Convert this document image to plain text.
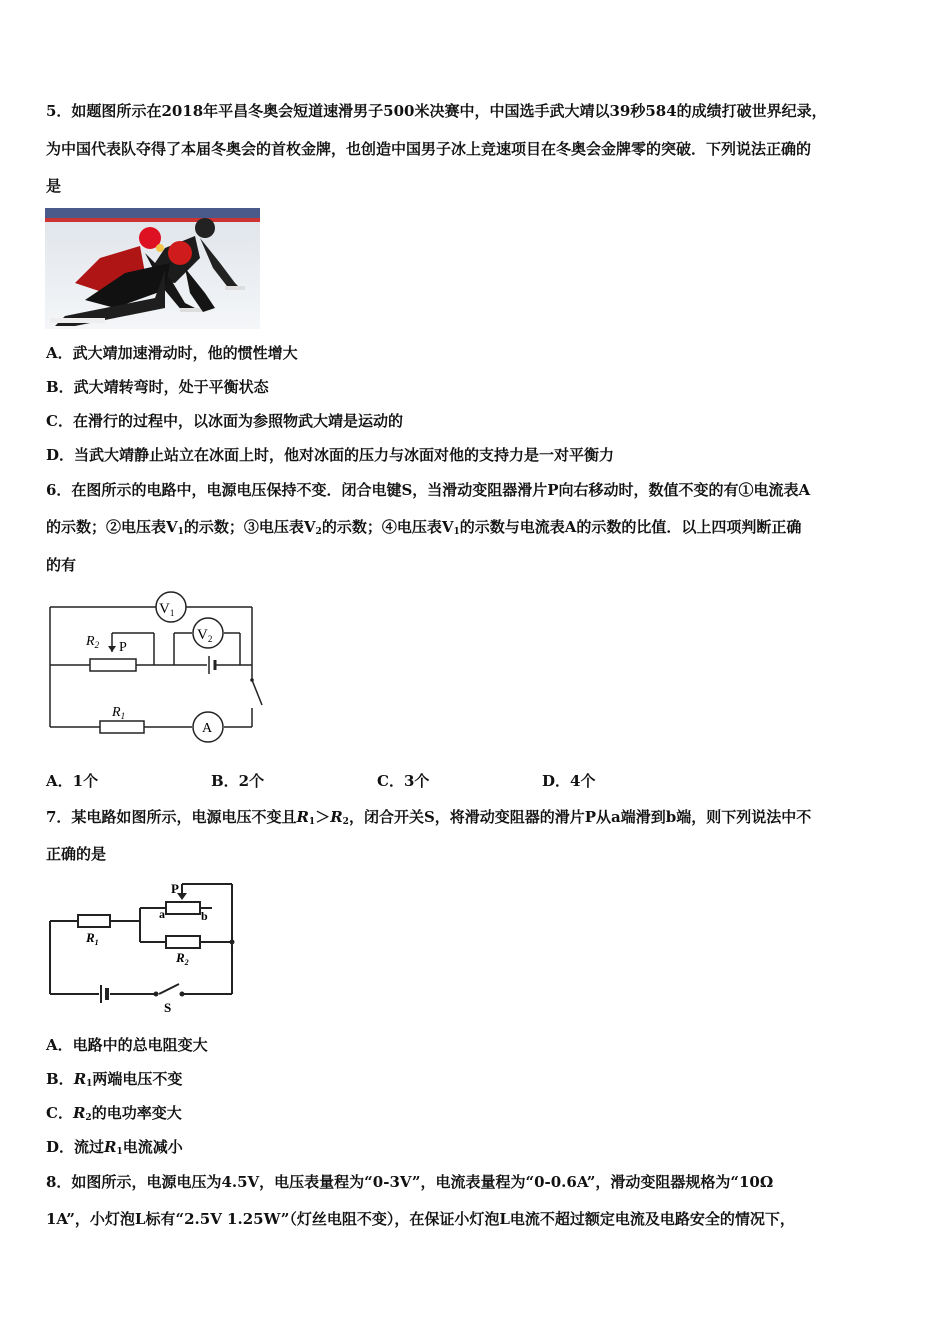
5．如题图所示在2018年平昌冬奥会短道速滑男子500米决赛中，中国选手武大靖以39秒584的成绩打破世界纪录，
为中国代表队夺得了本届冬奥会的首枚金牌，也创造中国男子冰上竞速项目在冬奥会金牌零的突破．下列说法正确的
是
A．武大靖加速滑动时，他的惯性增大
B．武大靖转弯时，处于平衡状态
C．在滑行的过程中，以冰面为参照物武大靖是运动的
D．当武大靖静止站立在冰面上时，他对冰面的压力与冰面对他的支持力是一对平衡力
6．在图所示的电路中，电源电压保持不变．闭合电键S，当滑动变阻器滑片P向右移动时，数值不变的有①电流表A
的示数；②电压表$V_1$的示数；③电压表$V_2$的示数；④电压表$V_1$的示数与电流表A的示数的比值．以上四项判断正确
的有
$V_1$
$V_2$
$R_2$ P
$R_1$
A
A．1个	B．2个	C．3个	D．4个
7．某电路如图所示，电源电压不变且$R_1>R_2$，闭合开关S，将滑动变阻器的滑片P从a端滑到b端，则下列说法中不
正确的是
P
a	b
$R_1$
$R_2$
S
A．电路中的总电阻变大
B．$R_1$两端电压不变
C．$R_2$的电功率变大
D．流过$R_1$电流减小
8．如图所示，电源电压为4.5V，电压表量程为“0-3V”，电流表量程为“0-0.6A”，滑动变阻器规格为“10Ω
1A”，小灯泡L标有“2.5V 1.25W”（灯丝电阻不变），在保证小灯泡L电流不超过额定电流及电路安全的情况下，
